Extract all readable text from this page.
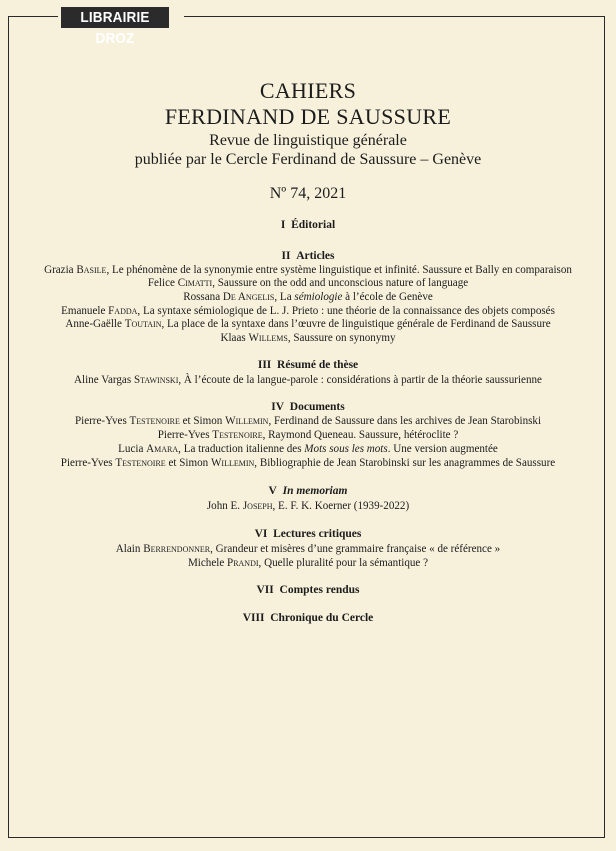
LIBRAIRIE DROZ
CAHIERS
FERDINAND DE SAUSSURE
Revue de linguistique générale
publiée par le Cercle Ferdinand de Saussure – Genève
Nº 74, 2021
I Éditorial
II Articles
Grazia Basile, Le phénomène de la synonymie entre système linguistique et infinité. Saussure et Bally en comparaison
Felice Cimatti, Saussure on the odd and unconscious nature of language
Rossana De Angelis, La sémiologie à l’école de Genève
Emanuele Fadda, La syntaxe sémiologique de L. J. Prieto : une théorie de la connaissance des objets composés
Anne-Gaëlle Toutain, La place de la syntaxe dans l’œuvre de linguistique générale de Ferdinand de Saussure
Klaas Willems, Saussure on synonymy
III Résumé de thèse
Aline Vargas Stawinski, À l’écoute de la langue-parole : considérations à partir de la théorie saussurienne
IV Documents
Pierre-Yves Testenoire et Simon Willemin, Ferdinand de Saussure dans les archives de Jean Starobinski
Pierre-Yves Testenoire, Raymond Queneau. Saussure, hétéroclite ?
Lucia Amara, La traduction italienne des Mots sous les mots. Une version augmentée
Pierre-Yves Testenoire et Simon Willemin, Bibliographie de Jean Starobinski sur les anagrammes de Saussure
V In memoriam
John E. Joseph, E. F. K. Koerner (1939-2022)
VI Lectures critiques
Alain Berrendonner, Grandeur et misères d’une grammaire française « de référence »
Michele Prandi, Quelle pluralité pour la sémantique ?
VII Comptes rendus
VIII Chronique du Cercle
